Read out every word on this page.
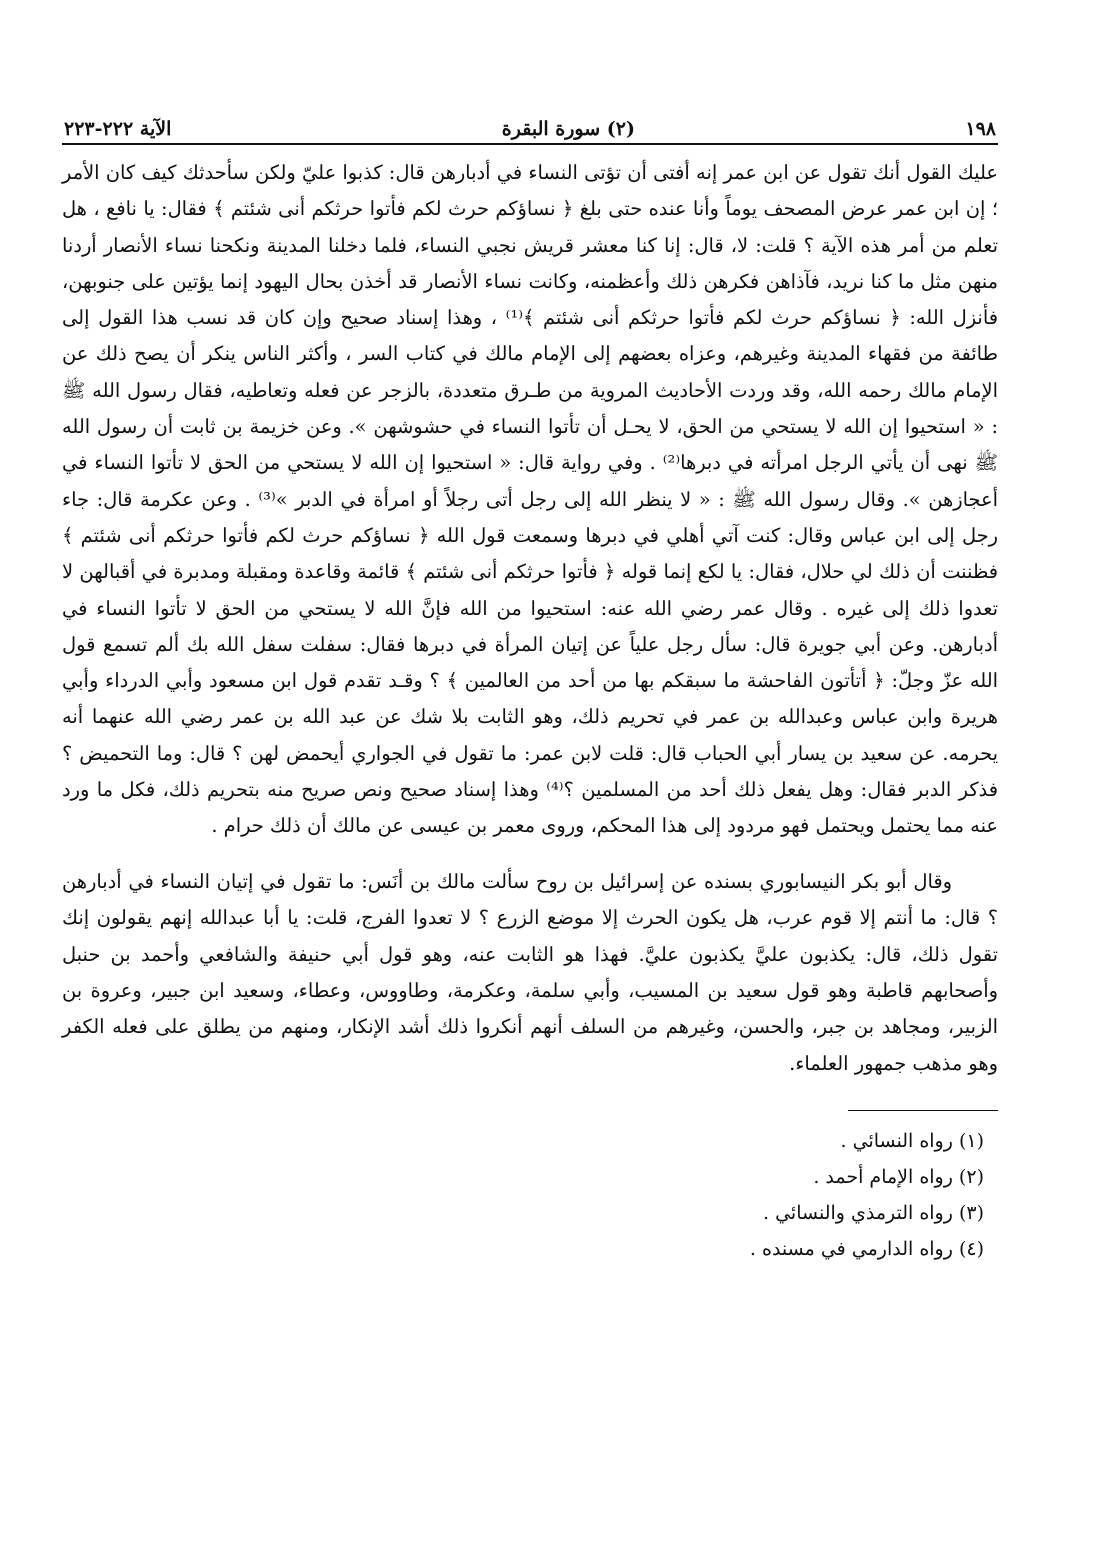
١٩٨
(٢) سورة البقرة
الآية ٢٢٢-٢٢٣

عليك القول أنك تقول عن ابن عمر إنه أفتى أن تؤتى النساء في أدبارهن قال: كذبوا عليّ ولكن سأحدثك كيف كان الأمر ؛ إن ابن عمر عرض المصحف يوماً وأنا عنده حتى بلغ ﴿ نساؤكم حرث لكم فأتوا حرثكم أنى شئتم ﴾ فقال: يا نافع ، هل تعلم من أمر هذه الآية ؟ قلت: لا، قال: إنا كنا معشر قريش نجبي النساء، فلما دخلنا المدينة ونكحنا نساء الأنصار أردنا منهن مثل ما كنا نريد، فآذاهن فكرهن ذلك وأعظمنه، وكانت نساء الأنصار قد أخذن بحال اليهود إنما يؤتين على جنوبهن، فأنزل الله: ﴿ نساؤكم حرث لكم فأتوا حرثكم أنى شئتم ﴾⁽¹⁾ ، وهذا إسناد صحيح وإن كان قد نسب هذا القول إلى طائفة من فقهاء المدينة وغيرهم، وعزاه بعضهم إلى الإمام مالك في كتاب السر ، وأكثر الناس ينكر أن يصح ذلك عن الإمام مالك رحمه الله، وقد وردت الأحاديث المروية من طـرق متعددة، بالزجر عن فعله وتعاطيه، فقال رسول الله ﷺ : « استحيوا إن الله لا يستحي من الحق، لا يحـل أن تأتوا النساء في حشوشهن ». وعن خزيمة بن ثابت أن رسول الله ﷺ نهى أن يأتي الرجل امرأته في دبرها⁽²⁾ . وفي رواية قال: « استحيوا إن الله لا يستحي من الحق لا تأتوا النساء في أعجازهن ». وقال رسول الله ﷺ : « لا ينظر الله إلى رجل أتى رجلاً أو امرأة في الدبر »⁽³⁾ . وعن عكرمة قال: جاء رجل إلى ابن عباس وقال: كنت آتي أهلي في دبرها وسمعت قول الله ﴿ نساؤكم حرث لكم فأتوا حرثكم أنى شئتم ﴾ فظننت أن ذلك لي حلال، فقال: يا لكع إنما قوله ﴿ فأتوا حرثكم أنى شئتم ﴾ قائمة وقاعدة ومقبلة ومدبرة في أقبالهن لا تعدوا ذلك إلى غيره . وقال عمر رضي الله عنه: استحيوا من الله فإنَّ الله لا يستحي من الحق لا تأتوا النساء في أدبارهن. وعن أبي جويرة قال: سأل رجل علياً عن إتيان المرأة في دبرها فقال: سفلت سفل الله بك ألم تسمع قول الله عزّ وجلّ: ﴿ أتأتون الفاحشة ما سبقكم بها من أحد من العالمين ﴾ ؟ وقـد تقدم قول ابن مسعود وأبي الدرداء وأبي هريرة وابن عباس وعبدالله بن عمر في تحريم ذلك، وهو الثابت بلا شك عن عبد الله بن عمر رضي الله عنهما أنه يحرمه. عن سعيد بن يسار أبي الحباب قال: قلت لابن عمر: ما تقول في الجواري أيحمض لهن ؟ قال: وما التحميض ؟ فذكر الدبر فقال: وهل يفعل ذلك أحد من المسلمين ؟⁽⁴⁾ وهذا إسناد صحيح ونص صريح منه بتحريم ذلك، فكل ما ورد عنه مما يحتمل ويحتمل فهو مردود إلى هذا المحكم، وروى معمر بن عيسى عن مالك أن ذلك حرام .

وقال أبو بكر النيسابوري بسنده عن إسرائيل بن روح سألت مالك بن أنَس: ما تقول في إتيان النساء في أدبارهن ؟ قال: ما أنتم إلا قوم عرب، هل يكون الحرث إلا موضع الزرع ؟ لا تعدوا الفرج، قلت: يا أبا عبدالله إنهم يقولون إنك تقول ذلك، قال: يكذبون عليَّ يكذبون عليَّ. فهذا هو الثابت عنه، وهو قول أبي حنيفة والشافعي وأحمد بن حنبل وأصحابهم قاطبة وهو قول سعيد بن المسيب، وأبي سلمة، وعكرمة، وطاووس، وعطاء، وسعيد ابن جبير، وعروة بن الزبير، ومجاهد بن جبر، والحسن، وغيرهم من السلف أنهم أنكروا ذلك أشد الإنكار، ومنهم من يطلق على فعله الكفر وهو مذهب جمهور العلماء.

(١) رواه النسائي .
(٢) رواه الإمام أحمد .
(٣) رواه الترمذي والنسائي .
(٤) رواه الدارمي في مسنده .
